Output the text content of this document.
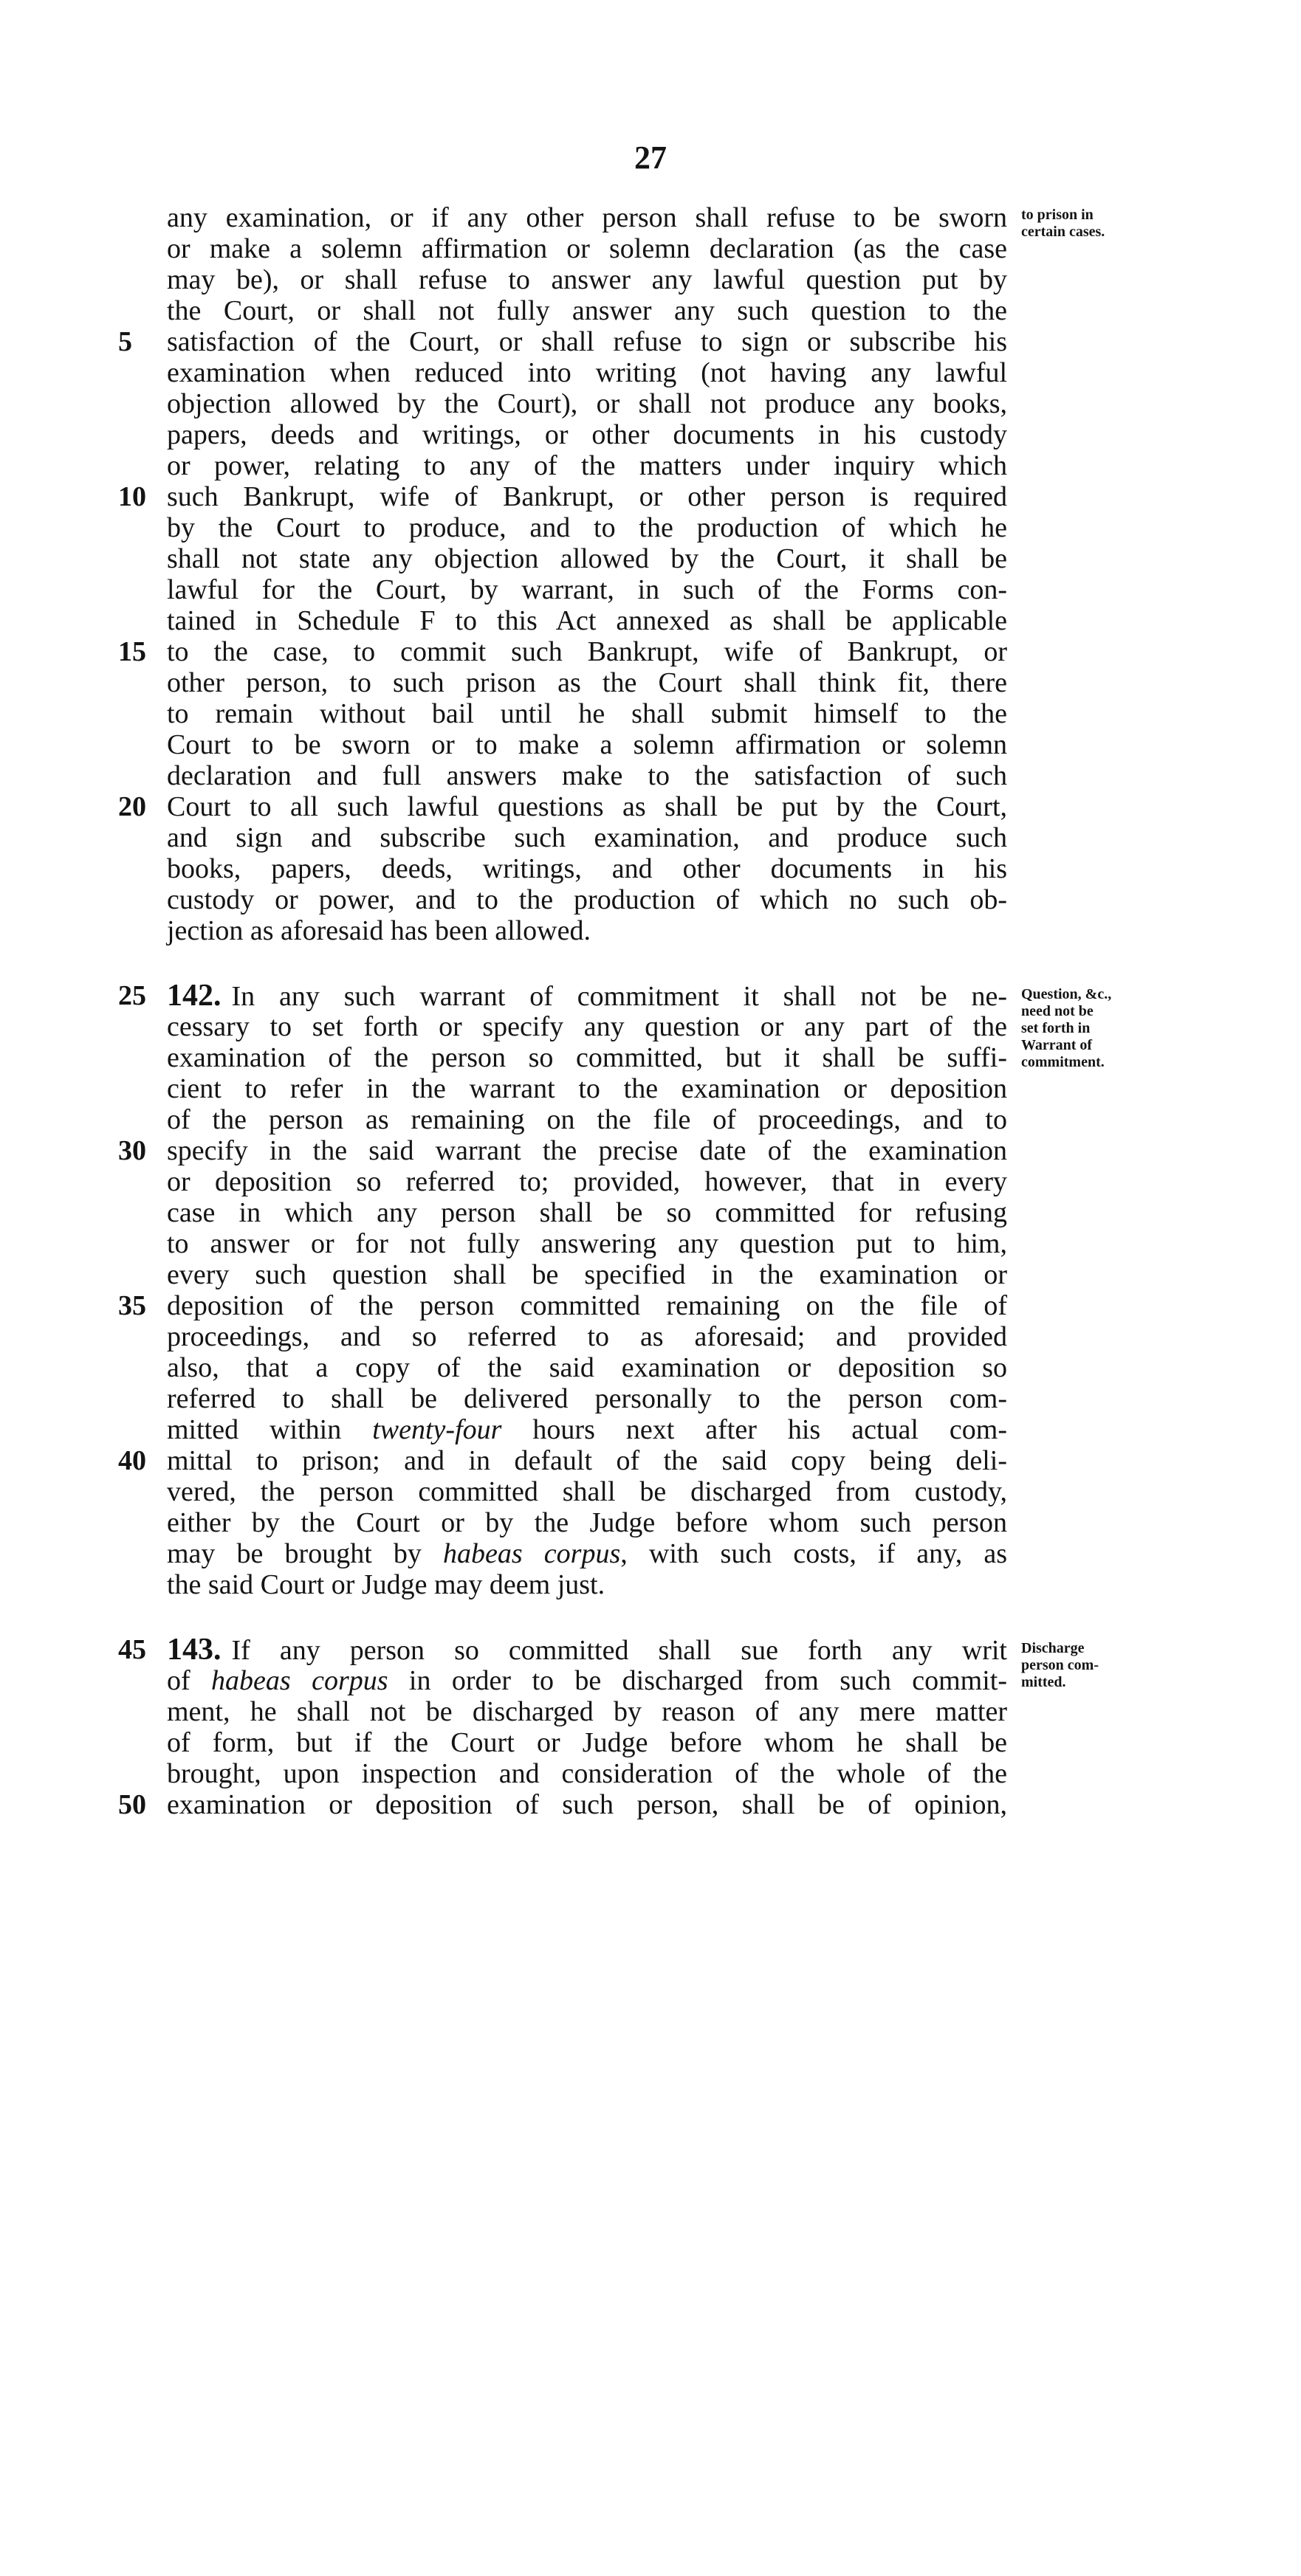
27
any examination, or if any other person shall refuse to be sworn
or make a solemn affirmation or solemn declaration (as the case
may be), or shall refuse to answer any lawful question put by
the Court, or shall not fully answer any such question to the
satisfaction of the Court, or shall refuse to sign or subscribe his
examination when reduced into writing (not having any lawful
objection allowed by the Court), or shall not produce any books,
papers, deeds and writings, or other documents in his custody
or power, relating to any of the matters under inquiry which
such Bankrupt, wife of Bankrupt, or other person is required
by the Court to produce, and to the production of which he
shall not state any objection allowed by the Court, it shall be
lawful for the Court, by warrant, in such of the Forms con-
tained in Schedule F to this Act annexed as shall be applicable
to the case, to commit such Bankrupt, wife of Bankrupt, or
other person, to such prison as the Court shall think fit, there
to remain without bail until he shall submit himself to the
Court to be sworn or to make a solemn affirmation or solemn
declaration and full answers make to the satisfaction of such
Court to all such lawful questions as shall be put by the Court,
and sign and subscribe such examination, and produce such
books, papers, deeds, writings, and other documents in his
custody or power, and to the production of which no such ob-
jection as aforesaid has been allowed.
142. In any such warrant of commitment it shall not be ne-
cessary to set forth or specify any question or any part of the
examination of the person so committed, but it shall be suffi-
cient to refer in the warrant to the examination or deposition
of the person as remaining on the file of proceedings, and to
specify in the said warrant the precise date of the examination
or deposition so referred to; provided, however, that in every
case in which any person shall be so committed for refusing
to answer or for not fully answering any question put to him,
every such question shall be specified in the examination or
deposition of the person committed remaining on the file of
proceedings, and so referred to as aforesaid; and provided
also, that a copy of the said examination or deposition so
referred to shall be delivered personally to the person com-
mitted within twenty-four hours next after his actual com-
mittal to prison; and in default of the said copy being deli-
vered, the person committed shall be discharged from custody,
either by the Court or by the Judge before whom such person
may be brought by habeas corpus, with such costs, if any, as
the said Court or Judge may deem just.
143. If any person so committed shall sue forth any writ
of habeas corpus in order to be discharged from such commit-
ment, he shall not be discharged by reason of any mere matter
of form, but if the Court or Judge before whom he shall be
brought, upon inspection and consideration of the whole of the
examination or deposition of such person, shall be of opinion,
5
10
15
20
25
30
35
40
45
50
to prison in
certain cases.
Question, &c.,
need not be
set forth in
Warrant of
commitment.
Discharge
person com-
mitted.
